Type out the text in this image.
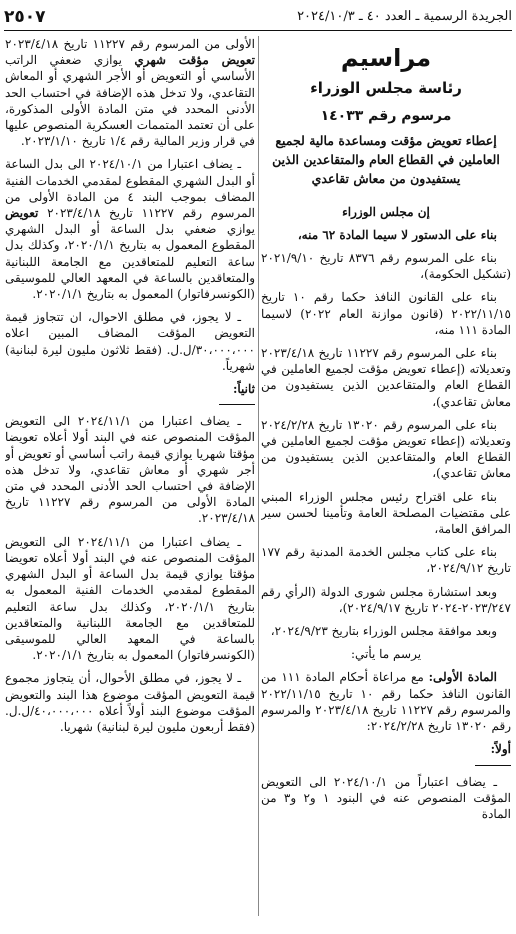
الجريدة الرسمية ـ العدد ٤٠ ـ ٢٠٢٤/١٠/٣
٢٥٠٧
مراسيم
رئاسة مجلس الوزراء
مرسوم رقم ١٤٠٣٣
إعطاء تعويض مؤقت ومساعدة مالية لجميع العاملين في القطاع العام والمتقاعدين الذين يستفيدون من معاش تقاعدي

إن مجلس الوزراء

بناء على الدستور لا سيما المادة ٦٢ منه،

بناء على المرسوم رقم ٨٣٧٦ تاريخ ٢٠٢١/٩/١٠ (تشكيل الحكومة)،

بناء على القانون النافذ حكما رقم ١٠ تاريخ ٢٠٢٢/١١/١٥ (قانون موازنة العام ٢٠٢٢) لاسيما المادة ١١١ منه،

بناء على المرسوم رقم ١١٢٢٧ تاريخ ٢٠٢٣/٤/١٨ وتعديلاته (إعطاء تعويض مؤقت لجميع العاملين في القطاع العام والمتقاعدين الذين يستفيدون من معاش تقاعدي)،

بناء على المرسوم رقم ١٣٠٢٠ تاريخ ٢٠٢٤/٢/٢٨ وتعديلاته (إعطاء تعويض مؤقت لجميع العاملين في القطاع العام والمتقاعدين الذين يستفيدون من معاش تقاعدي)،

بناء على اقتراح رئيس مجلس الوزراء المبني على مقتضيات المصلحة العامة وتأمينا لحسن سير المرافق العامة،

بناء على كتاب مجلس الخدمة المدنية رقم ١٧٧ تاريخ ٢٠٢٤/٩/١٢،

وبعد استشارة مجلس شورى الدولة (الرأي رقم ٢٠٢٣/٢٤٧-٢٠٢٤ تاريخ ٢٠٢٤/٩/١٧)،

وبعد موافقة مجلس الوزراء بتاريخ ٢٠٢٤/٩/٢٣،

يرسم ما يأتي:

المادة الأولى: مع مراعاة أحكام المادة ١١١ من القانون النافذ حكما رقم ١٠ تاريخ ٢٠٢٢/١١/١٥ والمرسوم رقم ١١٢٢٧ تاريخ ٢٠٢٣/٤/١٨ والمرسوم رقم ١٣٠٢٠ تاريخ ٢٠٢٤/٢/٢٨:

أولاً:

ـ يضاف اعتباراً من ٢٠٢٤/١٠/١ الى التعويض المؤقت المنصوص عنه في البنود ١ و٢ و٣ من المادة

الأولى من المرسوم رقم ١١٢٢٧ تاريخ ٢٠٢٣/٤/١٨ تعويض مؤقت شهري يوازي ضعفي الراتب الأساسي أو التعويض أو الأجر الشهري أو المعاش التقاعدي، ولا تدخل هذه الإضافة في احتساب الحد الأدنى المحدد في متن المادة الأولى المذكورة، على أن تعتمد المتممات العسكرية المنصوص عليها في قرار وزير المالية رقم ١/٤ تاريخ ٢٠٢٣/١/١٠.

ـ يضاف اعتبارا من ٢٠٢٤/١٠/١ الى بدل الساعة أو البدل الشهري المقطوع لمقدمي الخدمات الفنية المضاف بموجب البند ٤ من المادة الأولى من المرسوم رقم ١١٢٢٧ تاريخ ٢٠٢٣/٤/١٨ تعويض يوازي ضعفي بدل الساعة أو البدل الشهري المقطوع المعمول به بتاريخ ٢٠٢٠/١/١، وكذلك بدل ساعة التعليم للمتعاقدين مع الجامعة اللبنانية والمتعاقدين بالساعة في المعهد العالي للموسيقى (الكونسرفاتوار) المعمول به بتاريخ ٢٠٢٠/١/١.

ـ لا يجوز، في مطلق الاحوال، ان تتجاوز قيمة التعويض المؤقت المضاف المبين اعلاه ٣٠،٠٠٠،٠٠٠/ل.ل. (فقط ثلاثون مليون ليرة لبنانية) شهرياً.

ثانياً:

ـ يضاف اعتبارا من ٢٠٢٤/١١/١ الى التعويض المؤقت المنصوص عنه في البند أولا أعلاه تعويضا مؤقتا شهريا يوازي قيمة راتب أساسي أو تعويض أو أجر شهري أو معاش تقاعدي، ولا تدخل هذه الإضافة في احتساب الحد الأدنى المحدد في متن المادة الأولى من المرسوم رقم ١١٢٢٧ تاريخ ٢٠٢٣/٤/١٨.

ـ يضاف اعتبارا من ٢٠٢٤/١١/١ الى التعويض المؤقت المنصوص عنه في البند أولا أعلاه تعويضا مؤقتا يوازي قيمة بدل الساعة أو البدل الشهري المقطوع لمقدمي الخدمات الفنية المعمول به بتاريخ ٢٠٢٠/١/١، وكذلك بدل ساعة التعليم للمتعاقدين مع الجامعة اللبنانية والمتعاقدين بالساعة في المعهد العالي للموسيقى (الكونسرفاتوار) المعمول به بتاريخ ٢٠٢٠/١/١.

ـ لا يجوز، في مطلق الأحوال، أن يتجاوز مجموع قيمة التعويض المؤقت موضوع هذا البند والتعويض المؤقت موضوع البند أولاً أعلاه ٤٠،٠٠٠،٠٠٠/ل.ل. (فقط أربعون مليون ليرة لبنانية) شهريا.
